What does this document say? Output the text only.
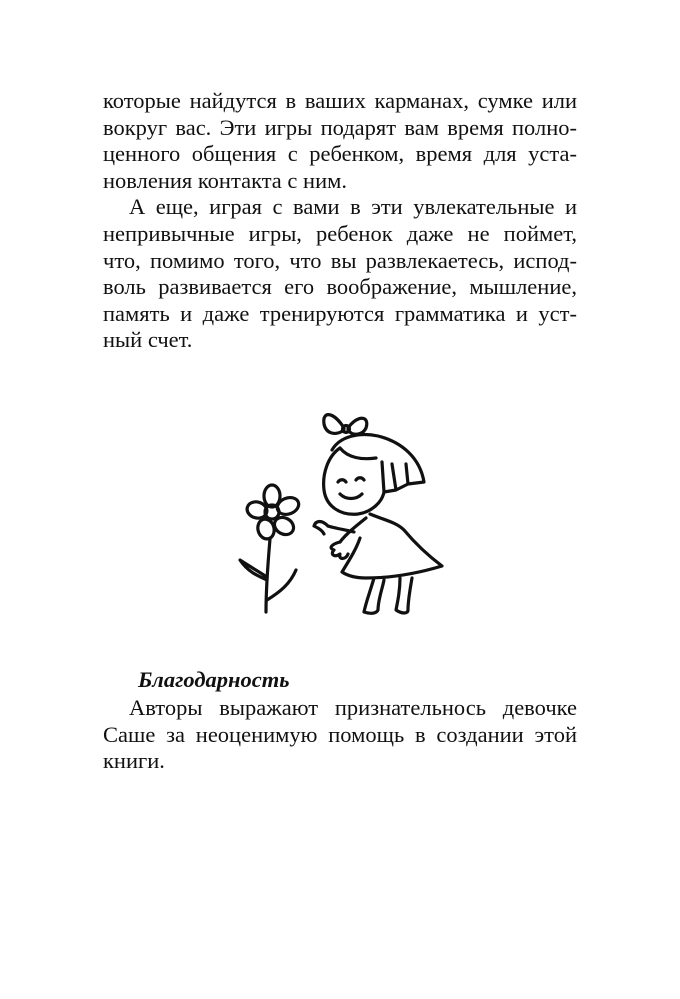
которые найдутся в ваших карманах, сумке или
вокруг вас. Эти игры подарят вам время полно-
ценного общения с ребенком, время для уста-
новления контакта с ним.
А еще, играя с вами в эти увлекательные и
непривычные игры, ребенок даже не поймет,
что, помимо того, что вы развлекаетесь, испод-
воль развивается его воображение, мышление,
память и даже тренируются грамматика и уст-
ный счет.
Благодарность
Авторы выражают признательнось девочке
Саше за неоценимую помощь в создании этой
книги.
